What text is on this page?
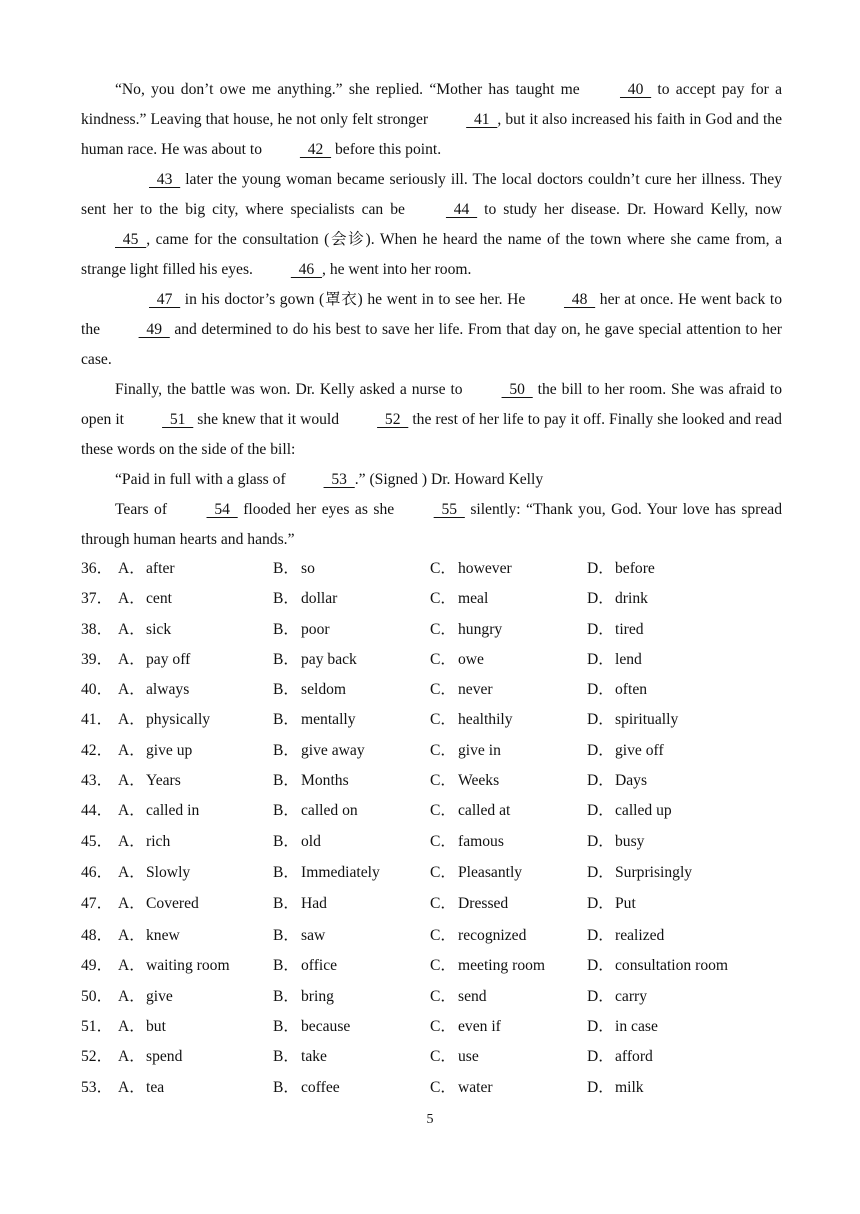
“No, you don’t owe me anything.” she replied. “Mother has taught me   40   to accept pay for a kindness.” Leaving that house, he not only felt stronger   41  , but it also increased his faith in God and the human race. He was about to   42   before this point.

43   later the young woman became seriously ill. The local doctors couldn’t cure her illness. They sent her to the big city, where specialists can be   44   to study her disease. Dr. Howard Kelly, now   45  , came for the consultation (会诊). When he heard the name of the town where she came from, a strange light filled his eyes.   46  , he went into her room.

47   in his doctor’s gown (罩衣) he went in to see her. He   48   her at once. He went back to the   49   and determined to do his best to save her life. From that day on, he gave special attention to her case.

Finally, the battle was won. Dr. Kelly asked a nurse to   50   the bill to her room. She was afraid to open it   51   she knew that it would   52   the rest of her life to pay it off. Finally she looked and read these words on the side of the bill:

“Paid in full with a glass of   53  .” (Signed ) Dr. Howard Kelly

Tears of   54   flooded her eyes as she   55   silently: “Thank you, God. Your love has spread through human hearts and hands.”

36． A．after	B． so	C． however	D．before
37． A．cent	B． dollar	C． meal	D．drink
38． A．sick	B． poor	C． hungry	D．tired
39． A．pay off	B． pay back	C． owe	D．lend
40． A．always	B． seldom	C． never	D．often
41． A．physically	B． mentally	C． healthily	D．spiritually
42． A．give up	B． give away	C． give in	D．give off
43． A．Years	B． Months	C． Weeks	D．Days
44． A．called in	B． called on	C． called at	D．called up
45． A．rich	B． old	C． famous	D．busy
46． A．Slowly	B． Immediately	C． Pleasantly	D．Surprisingly
47． A．Covered	B． Had	C． Dressed	D．Put
48． A．knew	B． saw	C． recognized	D．realized
49． A．waiting room	B． office	C． meeting room	D．consultation room
50． A．give	B． bring	C． send	D．carry
51． A．but	B． because	C． even if	D．in case
52． A．spend	B． take	C． use	D．afford
53． A．tea	B． coffee	C． water	D．milk
5
